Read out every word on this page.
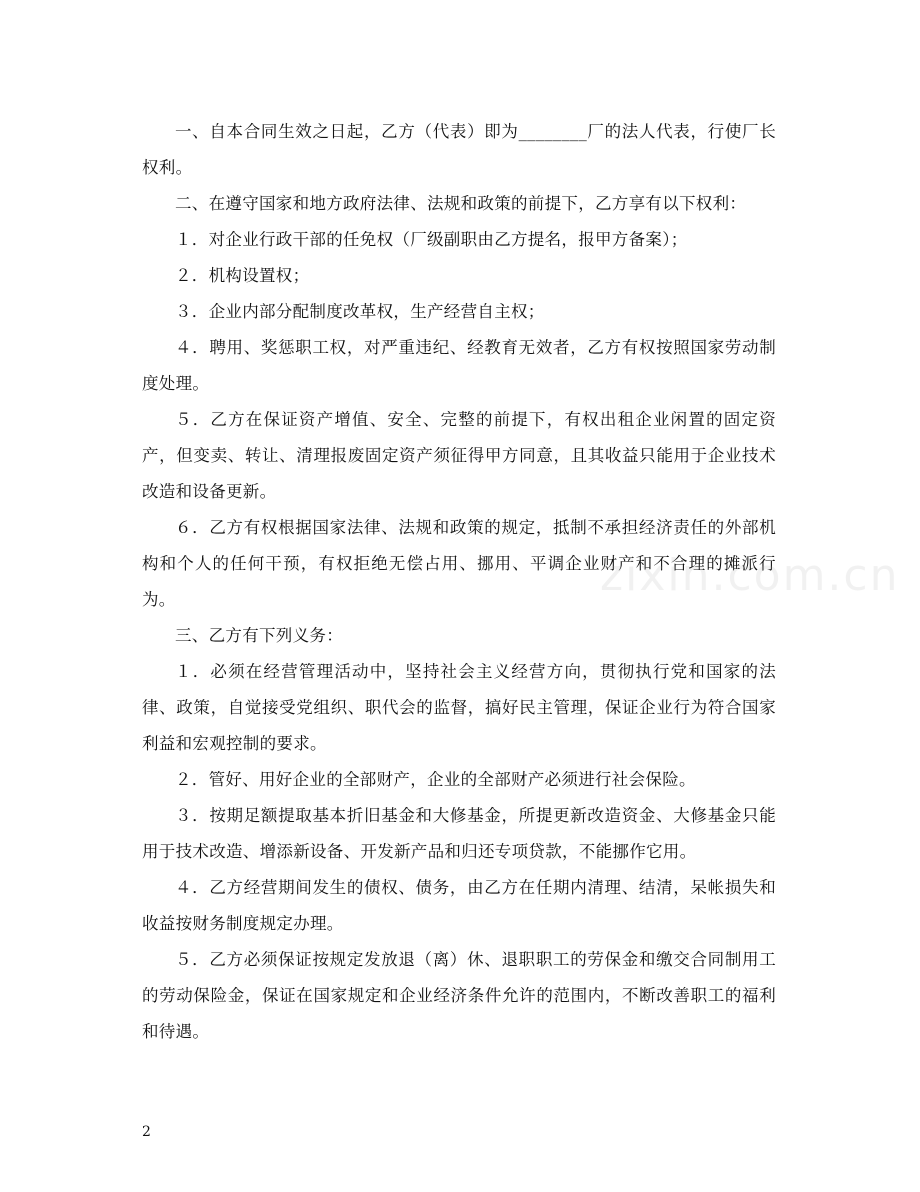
一、自本合同生效之日起，乙方（代表）即为________厂的法人代表，行使厂长权利。

二、在遵守国家和地方政府法律、法规和政策的前提下，乙方享有以下权利：

１．对企业行政干部的任免权（厂级副职由乙方提名，报甲方备案）；

２．机构设置权；

３．企业内部分配制度改革权，生产经营自主权；

４．聘用、奖惩职工权，对严重违纪、经教育无效者，乙方有权按照国家劳动制度处理。

５．乙方在保证资产增值、安全、完整的前提下，有权出租企业闲置的固定资产，但变卖、转让、清理报废固定资产须征得甲方同意，且其收益只能用于企业技术改造和设备更新。

６．乙方有权根据国家法律、法规和政策的规定，抵制不承担经济责任的外部机构和个人的任何干预，有权拒绝无偿占用、挪用、平调企业财产和不合理的摊派行为。

三、乙方有下列义务：

１．必须在经营管理活动中，坚持社会主义经营方向，贯彻执行党和国家的法律、政策，自觉接受党组织、职代会的监督，搞好民主管理，保证企业行为符合国家利益和宏观控制的要求。

２．管好、用好企业的全部财产，企业的全部财产必须进行社会保险。

３．按期足额提取基本折旧基金和大修基金，所提更新改造资金、大修基金只能用于技术改造、增添新设备、开发新产品和归还专项贷款，不能挪作它用。

４．乙方经营期间发生的债权、债务，由乙方在任期内清理、结清，呆帐损失和收益按财务制度规定办理。

５．乙方必须保证按规定发放退（离）休、退职职工的劳保金和缴交合同制用工的劳动保险金，保证在国家规定和企业经济条件允许的范围内，不断改善职工的福利和待遇。

zixin.com.cn
2
